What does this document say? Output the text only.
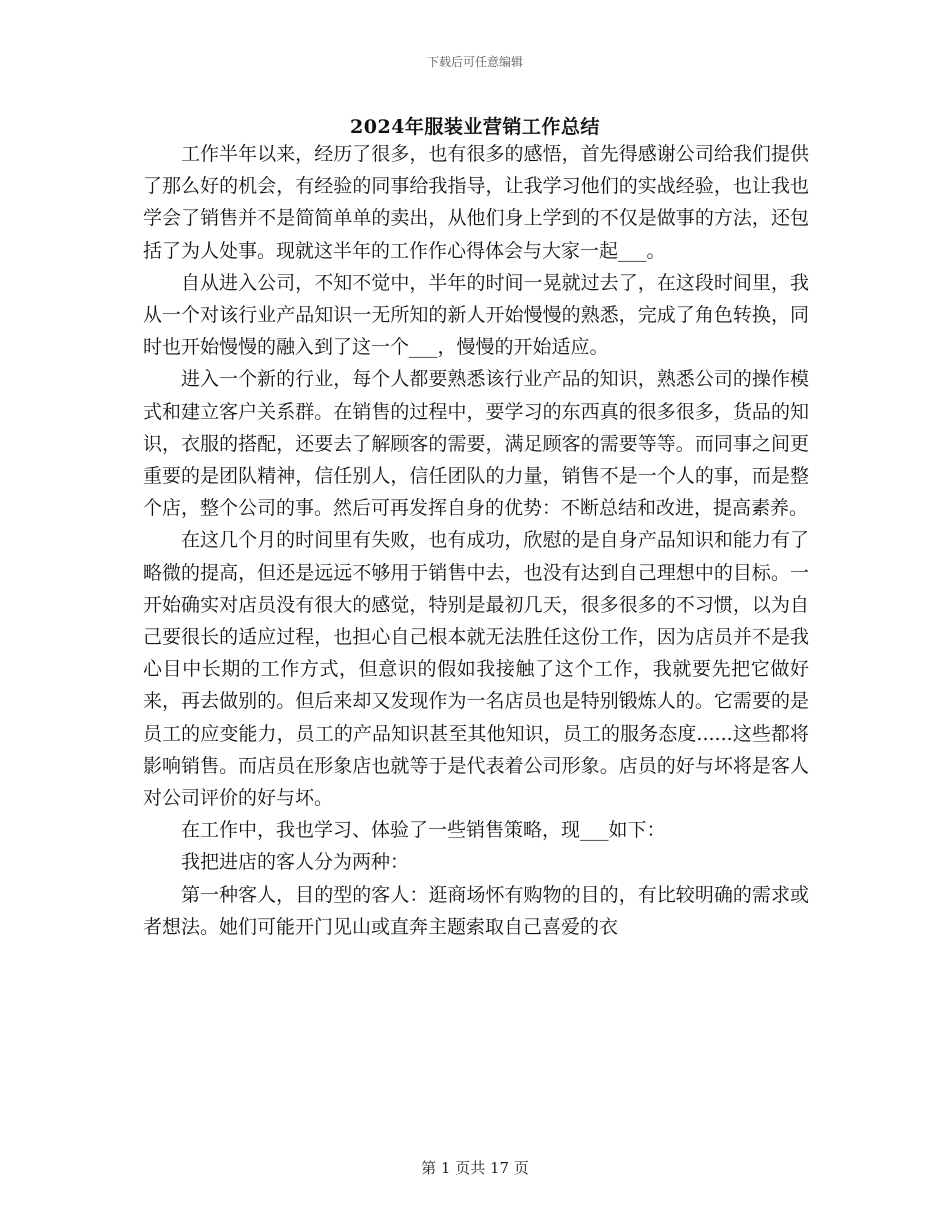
下载后可任意编辑
2024年服装业营销工作总结

工作半年以来，经历了很多，也有很多的感悟，首先得感谢公司给我们提供了那么好的机会，有经验的同事给我指导，让我学习他们的实战经验，也让我也学会了销售并不是简简单单的卖出，从他们身上学到的不仅是做事的方法，还包括了为人处事。现就这半年的工作作心得体会与大家一起___。

自从进入公司，不知不觉中，半年的时间一晃就过去了，在这段时间里，我从一个对该行业产品知识一无所知的新人开始慢慢的熟悉，完成了角色转换，同时也开始慢慢的融入到了这一个___，慢慢的开始适应。

进入一个新的行业，每个人都要熟悉该行业产品的知识，熟悉公司的操作模式和建立客户关系群。在销售的过程中，要学习的东西真的很多很多，货品的知识，衣服的搭配，还要去了解顾客的需要，满足顾客的需要等等。而同事之间更重要的是团队精神，信任别人，信任团队的力量，销售不是一个人的事，而是整个店，整个公司的事。然后可再发挥自身的优势：不断总结和改进，提高素养。

在这几个月的时间里有失败，也有成功，欣慰的是自身产品知识和能力有了略微的提高，但还是远远不够用于销售中去，也没有达到自己理想中的目标。一开始确实对店员没有很大的感觉，特别是最初几天，很多很多的不习惯，以为自己要很长的适应过程，也担心自己根本就无法胜任这份工作，因为店员并不是我心目中长期的工作方式，但意识的假如我接触了这个工作，我就要先把它做好来，再去做别的。但后来却又发现作为一名店员也是特别锻炼人的。它需要的是员工的应变能力，员工的产品知识甚至其他知识，员工的服务态度......这些都将影响销售。而店员在形象店也就等于是代表着公司形象。店员的好与坏将是客人对公司评价的好与坏。

在工作中，我也学习、体验了一些销售策略，现___如下：

我把进店的客人分为两种：

第一种客人，目的型的客人：逛商场怀有购物的目的，有比较明确的需求或者想法。她们可能开门见山或直奔主题索取自己喜爱的衣

第 1 页共 17 页
